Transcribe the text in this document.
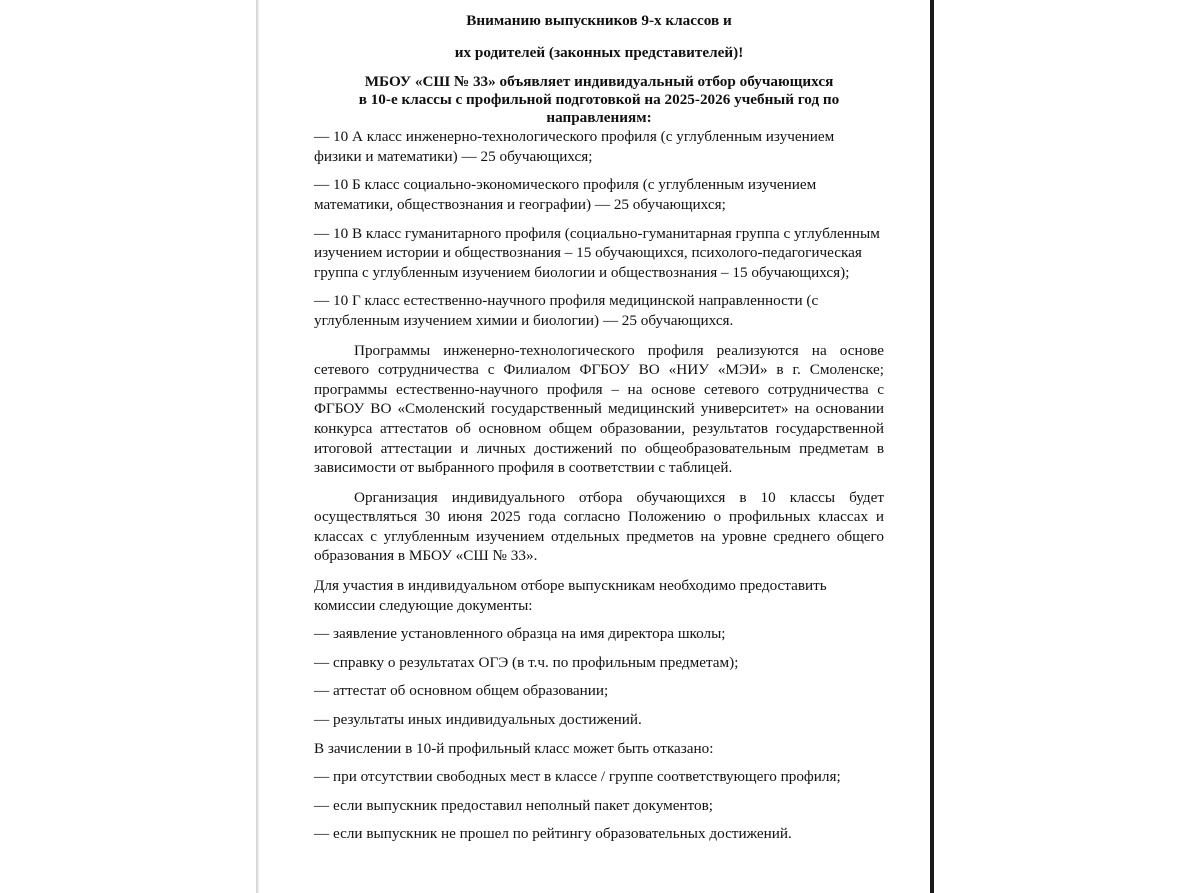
Вниманию выпускников 9-х классов и

их родителей (законных представителей)!

МБОУ «СШ № 33» объявляет индивидуальный отбор обучающихся

в 10-е классы с профильной подготовкой на 2025-2026 учебный год по

направлениям:

— 10 А класс инженерно-технологического профиля (с углубленным изучением физики и математики) — 25 обучающихся;

— 10 Б класс социально-экономического профиля (с углубленным изучением математики, обществознания и географии) — 25 обучающихся;

— 10 В класс гуманитарного профиля (социально-гуманитарная группа с углубленным изучением истории и обществознания – 15 обучающихся, психолого-педагогическая группа с углубленным изучением биологии и обществознания – 15 обучающихся);

— 10 Г класс естественно-научного профиля медицинской направленности (с углубленным изучением химии и биологии) — 25 обучающихся.

Программы инженерно-технологического профиля реализуются на основе сетевого сотрудничества с Филиалом ФГБОУ ВО «НИУ «МЭИ» в г. Смоленске; программы естественно-научного профиля – на основе сетевого сотрудничества с ФГБОУ ВО «Смоленский государственный медицинский университет» на основании конкурса аттестатов об основном общем образовании, результатов государственной итоговой аттестации и личных достижений по общеобразовательным предметам в зависимости от выбранного профиля в соответствии с таблицей.

Организация индивидуального отбора обучающихся в 10 классы будет осуществляться 30 июня 2025 года согласно Положению о профильных классах и классах с углубленным изучением отдельных предметов на уровне среднего общего образования в МБОУ «СШ № 33».

Для участия в индивидуальном отборе выпускникам необходимо предоставить комиссии следующие документы:

— заявление установленного образца на имя директора школы;

— справку о результатах ОГЭ (в т.ч. по профильным предметам);

— аттестат об основном общем образовании;

— результаты иных индивидуальных достижений.

В зачислении в 10-й профильный класс может быть отказано:

— при отсутствии свободных мест в классе / группе соответствующего профиля;

— если выпускник предоставил неполный пакет документов;

— если выпускник не прошел по рейтингу образовательных достижений.
